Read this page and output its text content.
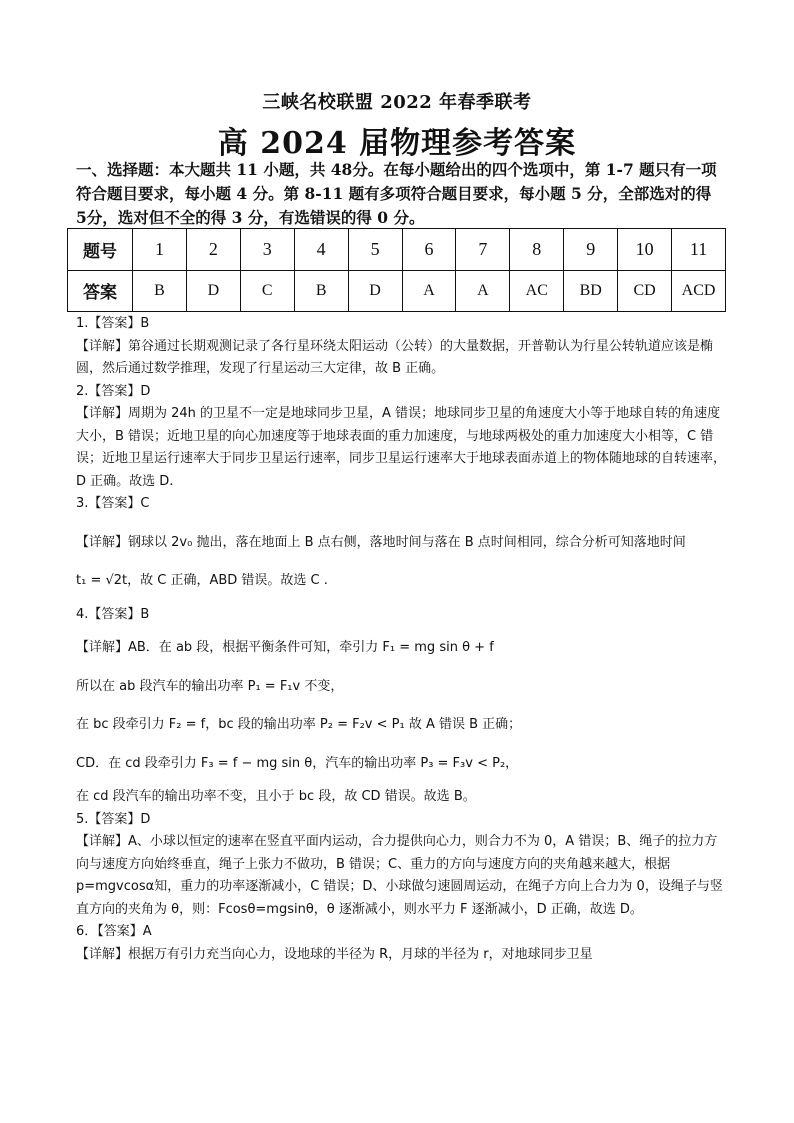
三峡名校联盟 2022 年春季联考
高 2024 届物理参考答案
一、选择题：本大题共 11 小题，共 48分。在每小题给出的四个选项中，第 1-7 题只有一项符合题目要求，每小题 4 分。第 8-11 题有多项符合题目要求，每小题 5 分，全部选对的得 5分，选对但不全的得 3 分，有选错误的得 0 分。
题号	1	2	3	4	5	6	7	8	9	10	11
答案	B	D	C	B	D	A	A	AC	BD	CD	ACD

1.【答案】B

【详解】第谷通过长期观测记录了各行星环绕太阳运动（公转）的大量数据，开普勒认为行星公转轨道应该是椭圆，然后通过数学推理，发现了行星运动三大定律，故 B 正确。

2.【答案】D

【详解】周期为 24h 的卫星不一定是地球同步卫星，A 错误；地球同步卫星的角速度大小等于地球自转的角速度大小，B 错误；近地卫星的向心加速度等于地球表面的重力加速度，与地球两极处的重力加速度大小相等，C 错误；近地卫星运行速率大于同步卫星运行速率，同步卫星运行速率大于地球表面赤道上的物体随地球的自转速率，D 正确。故选 D.

3.【答案】C

【详解】钢球以 2v₀ 抛出，落在地面上 B 点右侧，落地时间与落在 B 点时间相同，综合分析可知落地时间

t₁ = √2t，故 C 正确，ABD 错误。故选 C .

4.【答案】B

【详解】AB．在 ab 段，根据平衡条件可知，牵引力 F₁ = mg sin θ + f

所以在 ab 段汽车的输出功率 P₁ = F₁v 不变，

在 bc 段牵引力 F₂ = f，bc 段的输出功率 P₂ = F₂v < P₁ 故 A 错误 B 正确；

CD．在 cd 段牵引力 F₃ = f − mg sin θ，汽车的输出功率 P₃ = F₃v < P₂，

在 cd 段汽车的输出功率不变，且小于 bc 段，故 CD 错误。故选 B。

5.【答案】D

【详解】A、小球以恒定的速率在竖直平面内运动，合力提供向心力，则合力不为 0，A 错误；B、绳子的拉力方向与速度方向始终垂直，绳子上张力不做功，B 错误；C、重力的方向与速度方向的夹角越来越大，根据 p=mgvcosα知，重力的功率逐渐减小，C 错误；D、小球做匀速圆周运动，在绳子方向上合力为 0，设绳子与竖直方向的夹角为 θ，则：Fcosθ=mgsinθ，θ 逐渐减小，则水平力 F 逐渐减小，D 正确，故选 D。

6．【答案】A

【详解】根据万有引力充当向心力，设地球的半径为 R，月球的半径为 r，对地球同步卫星
